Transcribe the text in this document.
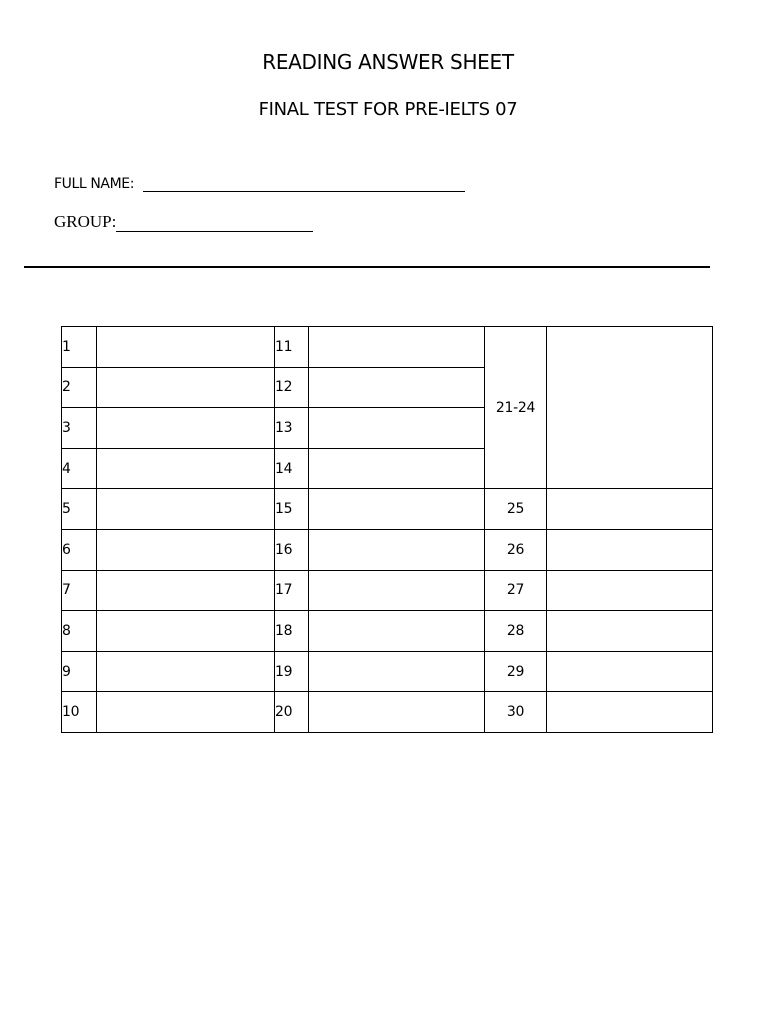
READING ANSWER SHEET
FINAL TEST FOR PRE-IELTS 07
FULL NAME:
GROUP:
1		11		21-24	
2		12			
3		13			
4		14			
5		15		25	
6		16		26	
7		17		27	
8		18		28	
9		19		29	
10		20		30	
